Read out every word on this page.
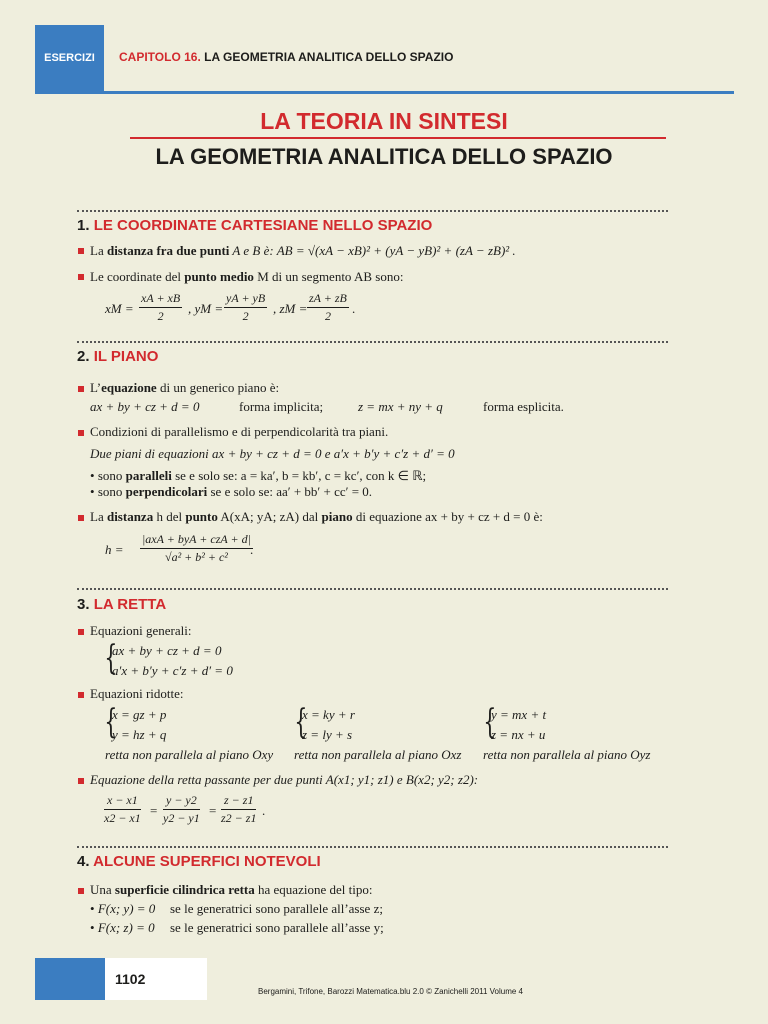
ESERCIZI	CAPITOLO 16. LA GEOMETRIA ANALITICA DELLO SPAZIO
LA TEORIA IN SINTESI
LA GEOMETRIA ANALITICA DELLO SPAZIO
1. LE COORDINATE CARTESIANE NELLO SPAZIO
La distanza fra due punti A e B è: AB = √(xA − xB)² + (yA − yB)² + (zA − zB)² .
Le coordinate del punto medio M di un segmento AB sono:
xM = $\frac{xA + xB}{2}$ , yM = $\frac{yA + yB}{2}$ , zM = $\frac{zA + zB}{2}$ .
2. IL PIANO
L’equazione di un generico piano è:
ax + by + cz + d = 0	forma implicita;	z = mx + ny + q	forma esplicita.
Condizioni di parallelismo e di perpendicolarità tra piani.
Due piani di equazioni ax + by + cz + d = 0 e a′x + b′y + c′z + d′ = 0
• sono paralleli se e solo se: a = ka′, b = kb′, c = kc′, con k ∈ ℝ;
• sono perpendicolari se e solo se: aa′ + bb′ + cc′ = 0.
La distanza h del punto A(xA; yA; zA) dal piano di equazione ax + by + cz + d = 0 è:
h =
|axA + byA + czA + d|
√a² + b² + c²	.
3. LA RETTA
Equazioni generali:
{
ax + by + cz + d = 0
a′x + b′y + c′z + d′ = 0
Equazioni ridotte:
{
x = gz + p
y = hz + q
retta non parallela al piano Oxy
{
x = ky + r
z = ly + s
retta non parallela al piano Oxz
{
y = mx + t
z = nx + u
retta non parallela al piano Oyz
Equazione della retta passante per due punti A(x1; y1; z1) e B(x2; y2; z2):
$\frac{x - x1}{x2 - x1} = \frac{y - y2}{y2 - y1} = \frac{z - z1}{z2 - z1}$ .
4. ALCUNE SUPERFICI NOTEVOLI
Una superficie cilindrica retta ha equazione del tipo:
• F(x; y) = 0 se le generatrici sono parallele all’asse z;
• F(x; z) = 0 se le generatrici sono parallele all’asse y;
1102
Bergamini, Trifone, Barozzi Matematica.blu 2.0 © Zanichelli 2011 Volume 4
